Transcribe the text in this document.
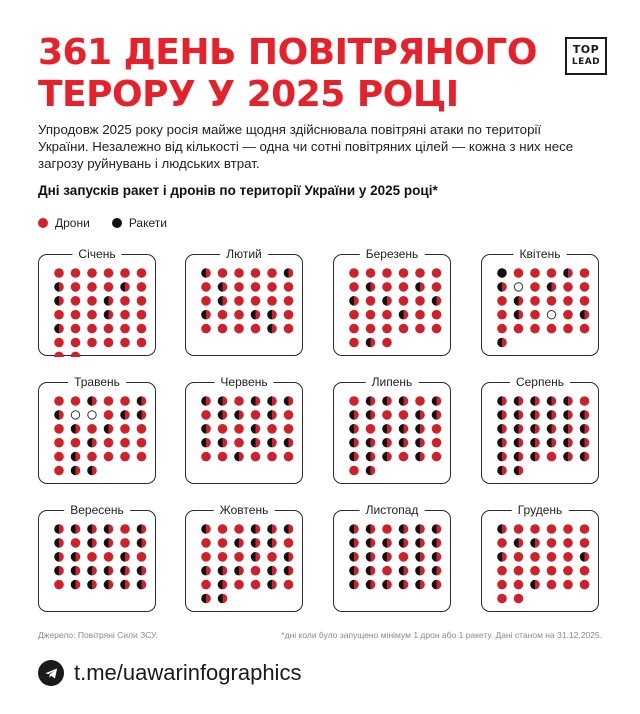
361 ДЕНЬ ПОВІТРЯНОГО ТЕРОРУ У 2025 РОЦІ
TOP
LEAD
Упродовж 2025 року росія майже щодня здійснювала повітряні атаки по території України. Незалежно від кількості — одна чи сотні повітряних цілей — кожна з них несе загрозу руйнувань і людських втрат.
Дні запусків ракет і дронів по території України у 2025 році*
Дрони	Ракети
Січень	Лютий	Березень	Квітень
Травень	Червень	Липень	Серпень
Вересень	Жовтень	Листопад	Грудень
Джерело: Повітряні Сили ЗСУ.	*дні коли було запущено мінімум 1 дрон або 1 ракету. Дані станом на 31.12.2025.
t.me/uawarinfographics
